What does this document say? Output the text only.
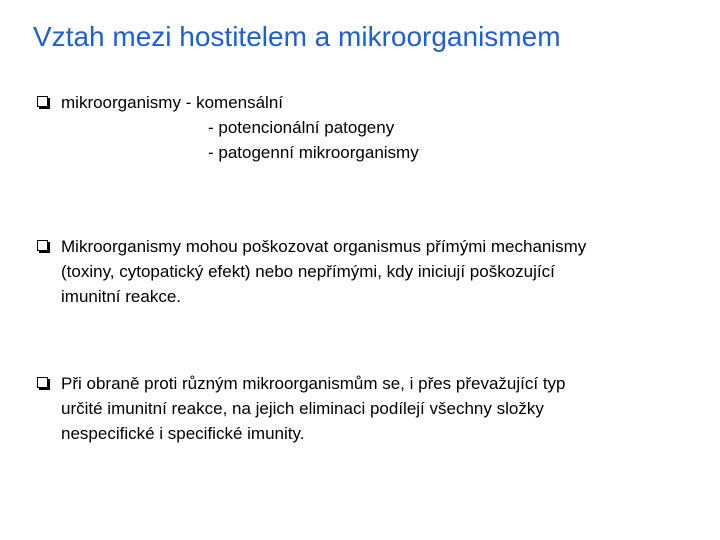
Vztah mezi hostitelem a mikroorganismem
mikroorganismy - komensální
- potencionální patogeny
- patogenní mikroorganismy
Mikroorganismy mohou poškozovat organismus přímými mechanismy
(toxiny, cytopatický efekt) nebo nepřímými, kdy iniciují poškozující
imunitní reakce.
Při obraně proti různým mikroorganismům se, i přes převažující typ
určité imunitní reakce, na jejich eliminaci podílejí všechny složky
nespecifické i specifické imunity.
